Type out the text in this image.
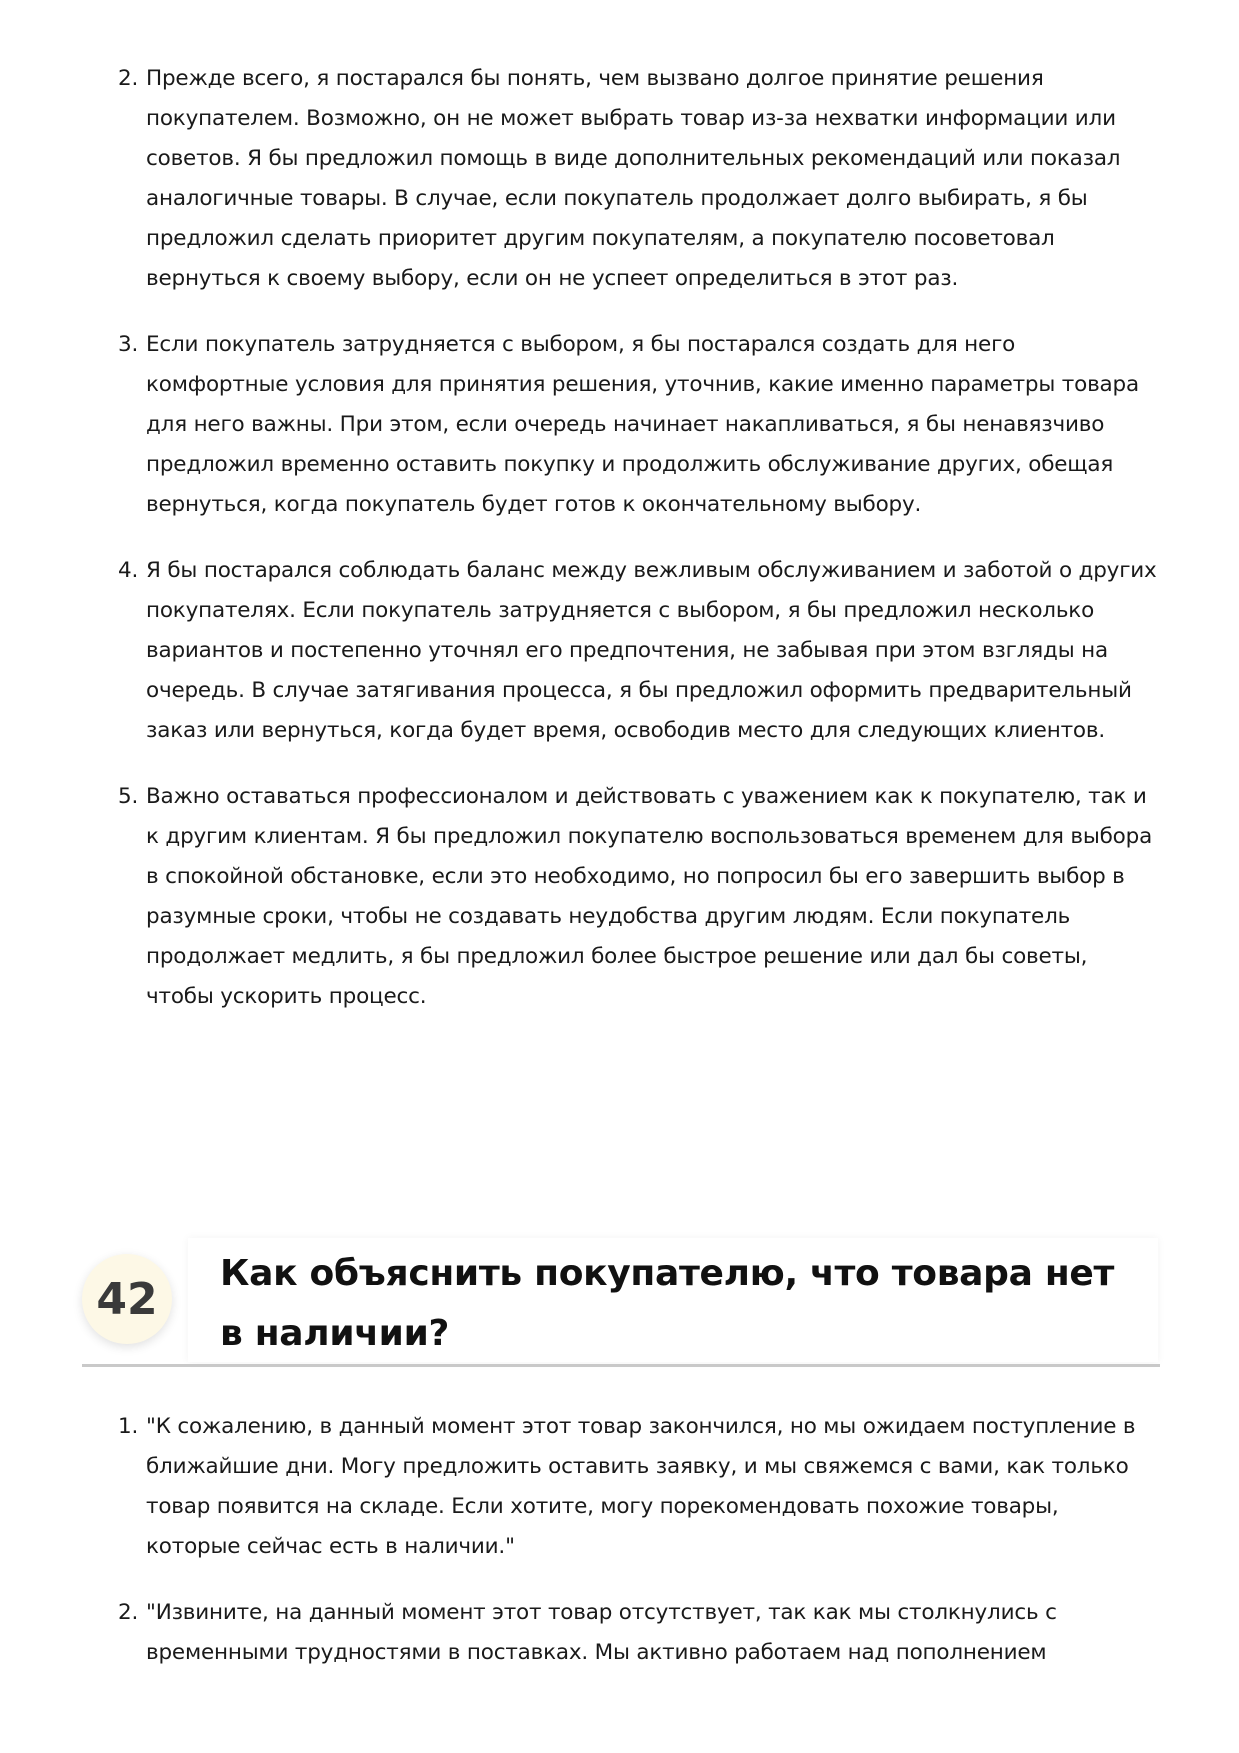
2. Прежде всего, я постарался бы понять, чем вызвано долгое принятие решения покупателем. Возможно, он не может выбрать товар из-за нехватки информации или советов. Я бы предложил помощь в виде дополнительных рекомендаций или показал аналогичные товары. В случае, если покупатель продолжает долго выбирать, я бы предложил сделать приоритет другим покупателям, а покупателю посоветовал вернуться к своему выбору, если он не успеет определиться в этот раз.
3. Если покупатель затрудняется с выбором, я бы постарался создать для него комфортные условия для принятия решения, уточнив, какие именно параметры товара для него важны. При этом, если очередь начинает накапливаться, я бы ненавязчиво предложил временно оставить покупку и продолжить обслуживание других, обещая вернуться, когда покупатель будет готов к окончательному выбору.
4. Я бы постарался соблюдать баланс между вежливым обслуживанием и заботой о других покупателях. Если покупатель затрудняется с выбором, я бы предложил несколько вариантов и постепенно уточнял его предпочтения, не забывая при этом взгляды на очередь. В случае затягивания процесса, я бы предложил оформить предварительный заказ или вернуться, когда будет время, освободив место для следующих клиентов.
5. Важно оставаться профессионалом и действовать с уважением как к покупателю, так и к другим клиентам. Я бы предложил покупателю воспользоваться временем для выбора в спокойной обстановке, если это необходимо, но попросил бы его завершить выбор в разумные сроки, чтобы не создавать неудобства другим людям. Если покупатель продолжает медлить, я бы предложил более быстрое решение или дал бы советы, чтобы ускорить процесс.
42	Как объяснить покупателю, что товара нет в наличии?
1. "К сожалению, в данный момент этот товар закончился, но мы ожидаем поступление в ближайшие дни. Могу предложить оставить заявку, и мы свяжемся с вами, как только товар появится на складе. Если хотите, могу порекомендовать похожие товары, которые сейчас есть в наличии."
2. "Извините, на данный момент этот товар отсутствует, так как мы столкнулись с временными трудностями в поставках. Мы активно работаем над пополнением
